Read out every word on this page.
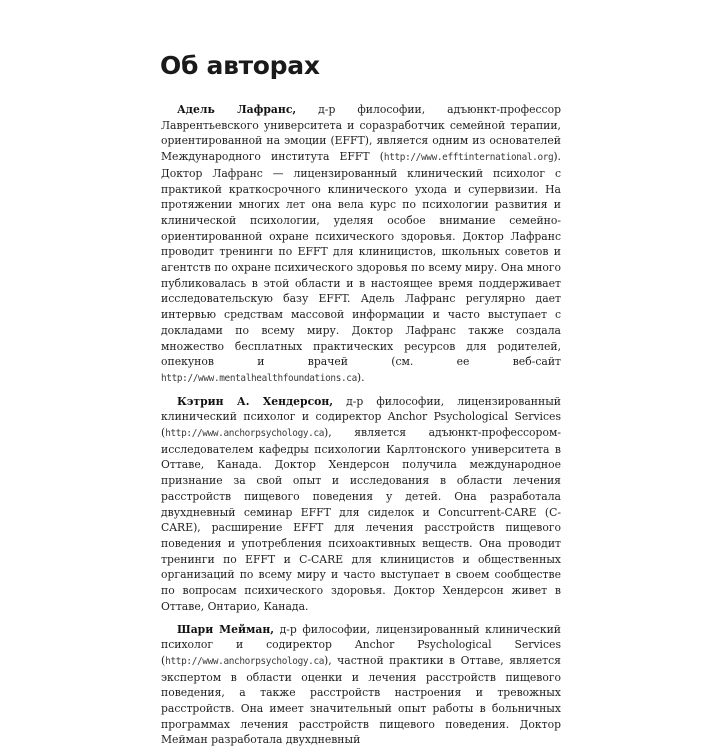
Об авторах

Адель Лафранс, д-р философии, адъюнкт-профессор Лаврентьевского университета и соразработчик семейной терапии, ориентированной на эмоции (EFFT), является одним из основателей Международного института EFFT (http://www.efftinternational.org). Доктор Лафранс — лицензированный клинический психолог с практикой краткосрочного клинического ухода и супервизии. На протяжении многих лет она вела курс по психологии развития и клинической психологии, уделяя особое внимание семейно-ориентированной охране психического здоровья. Доктор Лафранс проводит тренинги по EFFT для клиницистов, школьных советов и агентств по охране психического здоровья по всему миру. Она много публиковалась в этой области и в настоящее время поддерживает исследовательскую базу EFFT. Адель Лафранс регулярно дает интервью средствам массовой информации и часто выступает с докладами по всему миру. Доктор Лафранс также создала множество бесплатных практических ресурсов для родителей, опекунов и врачей (см. ее веб-сайт http://www.mentalhealthfoundations.ca).

Кэтрин А. Хендерсон, д-р философии, лицензированный клинический психолог и содиректор Anchor Psychological Services (http://www.anchorpsychology.ca), является адъюнкт-профессором-исследователем кафедры психологии Карлтонского университета в Оттаве, Канада. Доктор Хендерсон получила международное признание за свой опыт и исследования в области лечения расстройств пищевого поведения у детей. Она разработала двухдневный семинар EFFT для сиделок и Concurrent-CARE (C-CARE), расширение EFFT для лечения расстройств пищевого поведения и употребления психоактивных веществ. Она проводит тренинги по EFFT и C-CARE для клиницистов и общественных организаций по всему миру и часто выступает в своем сообществе по вопросам психического здоровья. Доктор Хендерсон живет в Оттаве, Онтарио, Канада.

Шари Мейман, д-р философии, лицензированный клинический психолог и содиректор Anchor Psychological Services (http://www.anchorpsychology.ca), частной практики в Оттаве, является экспертом в области оценки и лечения расстройств пищевого поведения, а также расстройств настроения и тревожных расстройств. Она имеет значительный опыт работы в больничных программах лечения расстройств пищевого поведения. Доктор Мейман разработала двухдневный
